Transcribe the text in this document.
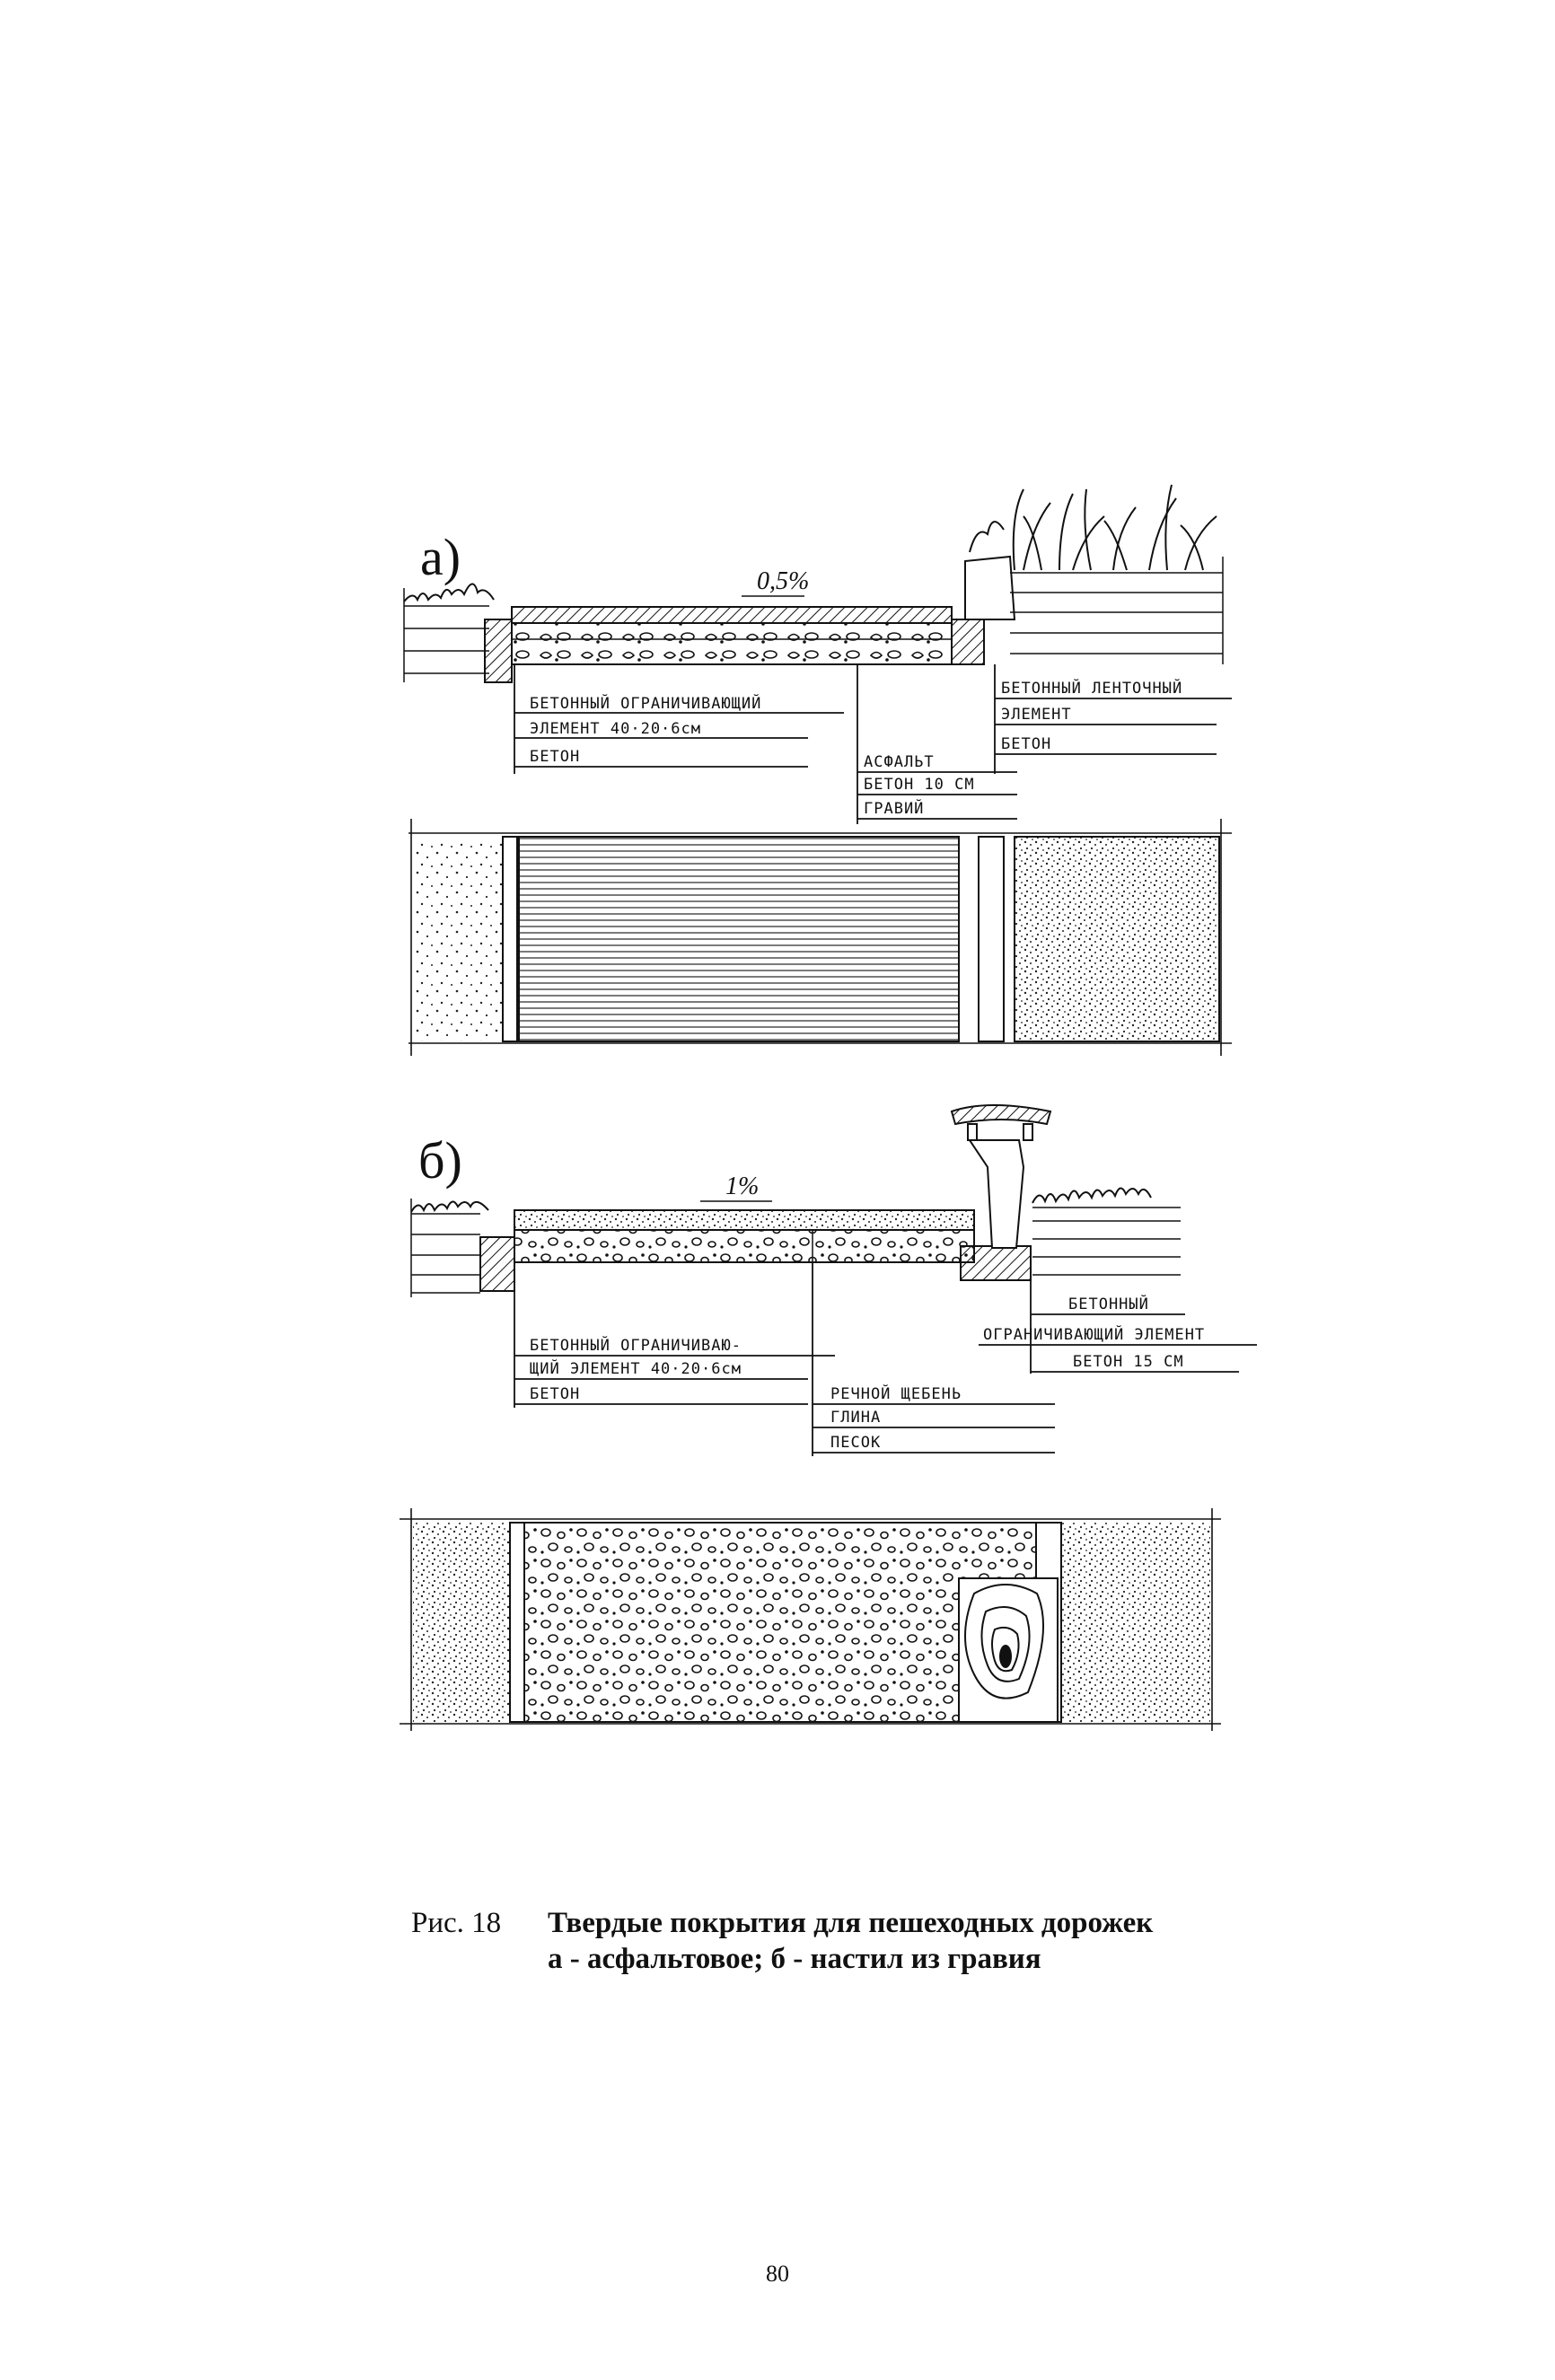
0,5%
а)
БЕТОННЫЙ ОГРАНИЧИВАЮЩИЙ
ЭЛЕМЕНТ 40·20·6см
БЕТОН	АСФАЛЬТ
БЕТОН 10 СМ
ГРАВИЙ
БЕТОННЫЙ ЛЕНТОЧНЫЙ
ЭЛЕМЕНТ
БЕТОН
1%
б)
БЕТОННЫЙ ОГРАНИЧИВАЮ-
ЩИЙ ЭЛЕМЕНТ 40·20·6см
БЕТОН	РЕЧНОЙ ЩЕБЕНЬ
ГЛИНА
ПЕСОК
БЕТОННЫЙ
ОГРАНИЧИВАЮЩИЙ ЭЛЕМЕНТ
БЕТОН 15 СМ
Рис. 18 Твердые покрытия для пешеходных дорожек
а - асфальтовое; б - настил из гравия
80
